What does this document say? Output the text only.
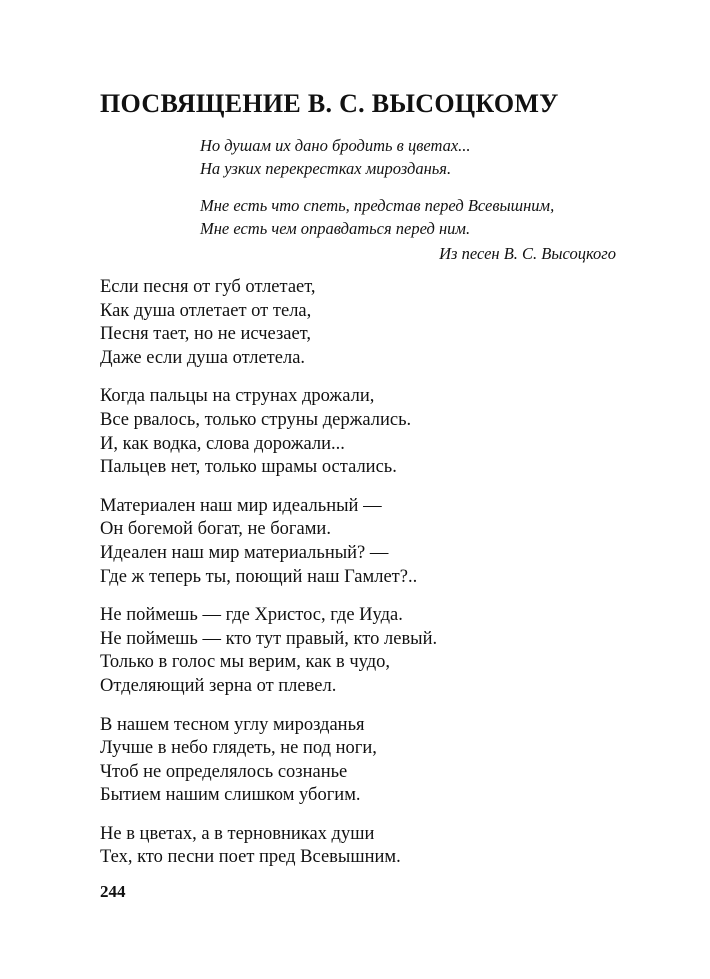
ПОСВЯЩЕНИЕ В. С. ВЫСОЦКОМУ
Но душам их дано бродить в цветах...
На узких перекрестках мирозданья.
Мне есть что спеть, представ перед Всевышним,
Мне есть чем оправдаться перед ним.
Из песен В. С. Высоцкого
Если песня от губ отлетает,
Как душа отлетает от тела,
Песня тает, но не исчезает,
Даже если душа отлетела.
Когда пальцы на струнах дрожали,
Все рвалось, только струны держались.
И, как водка, слова дорожали...
Пальцев нет, только шрамы остались.
Материален наш мир идеальный —
Он богемой богат, не богами.
Идеален наш мир материальный? —
Где ж теперь ты, поющий наш Гамлет?..
Не поймешь — где Христос, где Иуда.
Не поймешь — кто тут правый, кто левый.
Только в голос мы верим, как в чудо,
Отделяющий зерна от плевел.
В нашем тесном углу мирозданья
Лучше в небо глядеть, не под ноги,
Чтоб не определялось сознанье
Бытием нашим слишком убогим.
Не в цветах, а в терновниках души
Тех, кто песни поет пред Всевышним.
244
